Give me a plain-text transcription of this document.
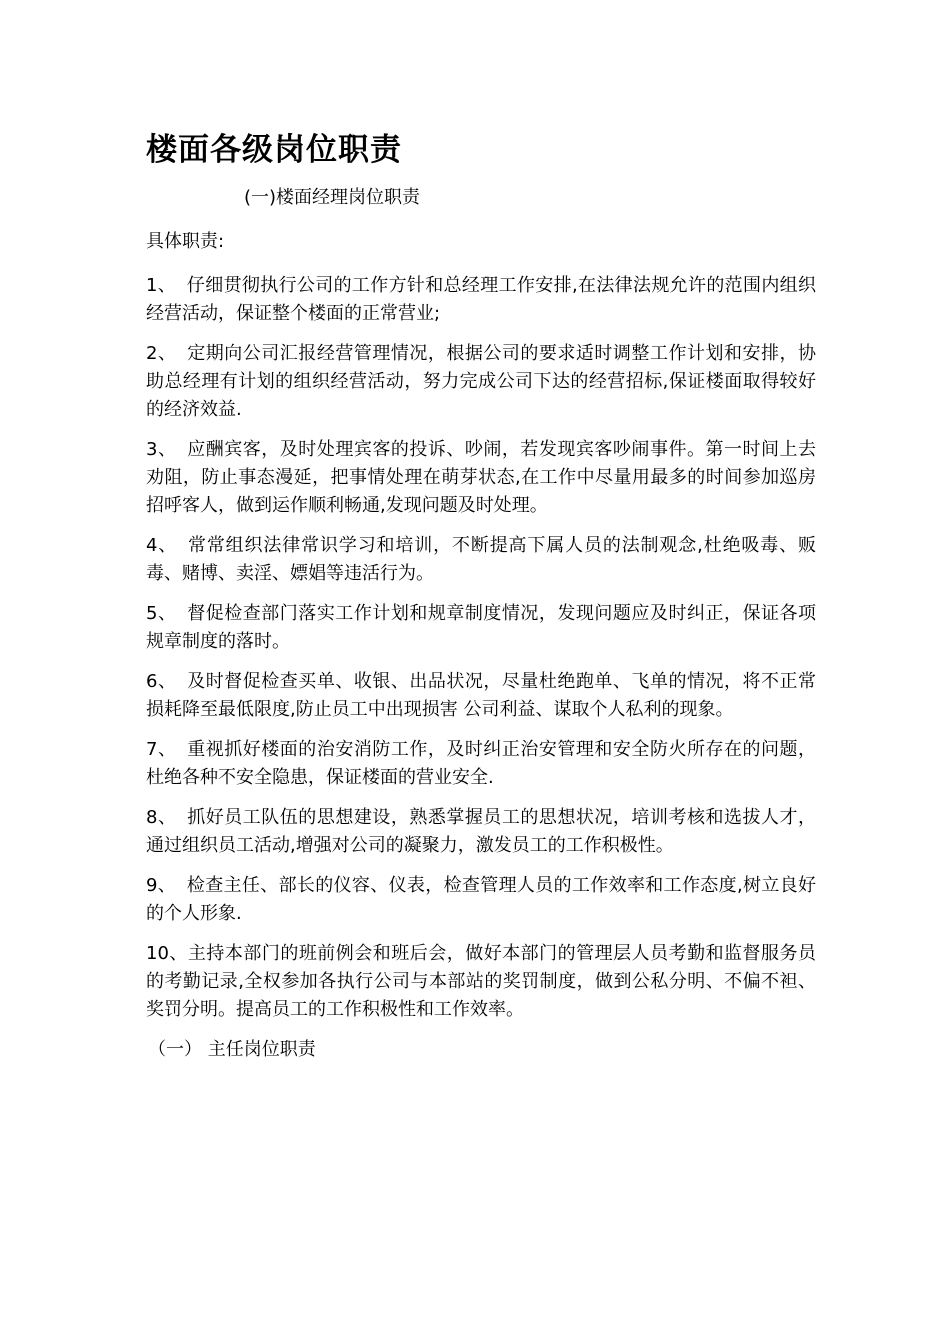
楼面各级岗位职责
(一)楼面经理岗位职责
具体职责:
1、 仔细贯彻执行公司的工作方针和总经理工作安排,在法律法规允许的范围内组织经营活动，保证整个楼面的正常营业;
2、 定期向公司汇报经营管理情况，根据公司的要求适时调整工作计划和安排，协助总经理有计划的组织经营活动，努力完成公司下达的经营招标,保证楼面取得较好的经济效益.
3、 应酬宾客，及时处理宾客的投诉、吵闹，若发现宾客吵闹事件。第一时间上去劝阻，防止事态漫延，把事情处理在萌芽状态,在工作中尽量用最多的时间参加巡房招呼客人，做到运作顺利畅通,发现问题及时处理。
4、 常常组织法律常识学习和培训，不断提高下属人员的法制观念,杜绝吸毒、贩毒、赌博、卖淫、嫖娼等违活行为。
5、 督促检查部门落实工作计划和规章制度情况，发现问题应及时纠正，保证各项规章制度的落时。
6、 及时督促检查买单、收银、出品状况，尽量杜绝跑单、飞单的情况，将不正常损耗降至最低限度,防止员工中出现损害 公司利益、谋取个人私利的现象。
7、 重视抓好楼面的治安消防工作，及时纠正治安管理和安全防火所存在的问题，杜绝各种不安全隐患，保证楼面的营业安全.
8、 抓好员工队伍的思想建设，熟悉掌握员工的思想状况，培训考核和选拔人才，通过组织员工活动,增强对公司的凝聚力，激发员工的工作积极性。
9、 检查主任、部长的仪容、仪表，检查管理人员的工作效率和工作态度,树立良好的个人形象.
10、主持本部门的班前例会和班后会，做好本部门的管理层人员考勤和监督服务员的考勤记录,全权参加各执行公司与本部站的奖罚制度，做到公私分明、不偏不袒、奖罚分明。提高员工的工作积极性和工作效率。
（一） 主任岗位职责
